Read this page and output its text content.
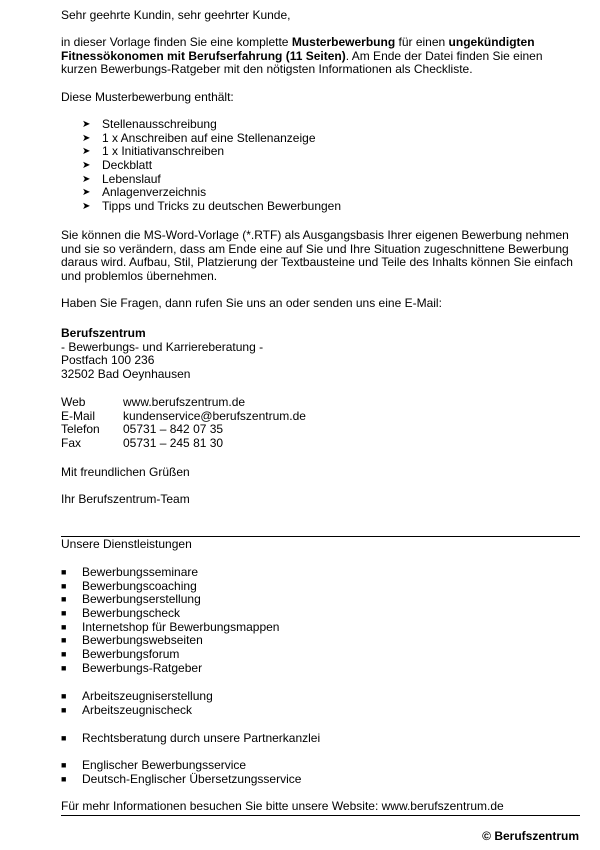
Sehr geehrte Kundin, sehr geehrter Kunde,

in dieser Vorlage finden Sie eine komplette Musterbewerbung für einen ungekündigten Fitnessökonomen mit Berufserfahrung (11 Seiten). Am Ende der Datei finden Sie einen kurzen Bewerbungs-Ratgeber mit den nötigsten Informationen als Checkliste.

Diese Musterbewerbung enthält:

➤ Stellenausschreibung
➤ 1 x Anschreiben auf eine Stellenanzeige
➤ 1 x Initiativanschreiben
➤ Deckblatt
➤ Lebenslauf
➤ Anlagenverzeichnis
➤ Tipps und Tricks zu deutschen Bewerbungen

Sie können die MS-Word-Vorlage (*.RTF) als Ausgangsbasis Ihrer eigenen Bewerbung nehmen und sie so verändern, dass am Ende eine auf Sie und Ihre Situation zugeschnittene Bewerbung daraus wird. Aufbau, Stil, Platzierung der Textbausteine und Teile des Inhalts können Sie einfach und problemlos übernehmen.

Haben Sie Fragen, dann rufen Sie uns an oder senden uns eine E-Mail:

Berufszentrum

- Bewerbungs- und Karriereberatung -

Postfach 100 236

32502 Bad Oeynhausen

Web	www.berufszentrum.de
E-Mail	kundenservice@berufszentrum.de
Telefon	05731 – 842 07 35
Fax	05731 – 245 81 30

Mit freundlichen Grüßen

Ihr Berufszentrum-Team

Unsere Dienstleistungen

■	Bewerbungsseminare
■	Bewerbungscoaching
■	Bewerbungserstellung
■	Bewerbungscheck
■	Internetshop für Bewerbungsmappen
■	Bewerbungswebseiten
■	Bewerbungsforum
■	Bewerbungs-Ratgeber
■	Arbeitszeugniserstellung
■	Arbeitszeugnischeck
■	Rechtsberatung durch unsere Partnerkanzlei
■	Englischer Bewerbungsservice
■	Deutsch-Englischer Übersetzungsservice

Für mehr Informationen besuchen Sie bitte unsere Website: www.berufszentrum.de

© Berufszentrum
